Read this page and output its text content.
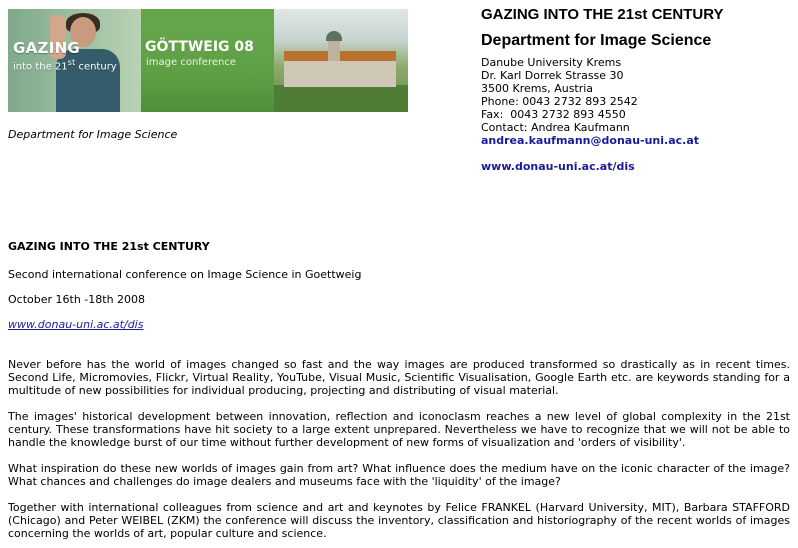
GAZING
into the 21st century
GÖTTWEIG 08
image conference
Department for Image Science
GAZING INTO THE 21st CENTURY
Department for Image Science
Danube University Krems
Dr. Karl Dorrek Strasse 30
3500 Krems, Austria
Phone: 0043 2732 893 2542
Fax:  0043 2732 893 4550
Contact: Andrea Kaufmann
andrea.kaufmann@donau-uni.ac.at
www.donau-uni.ac.at/dis
GAZING INTO THE 21st CENTURY

Second international conference on Image Science in Goettweig

October 16th -18th 2008

www.donau-uni.ac.at/dis

Never before has the world of images changed so fast and the way images are produced transformed so drastically as in recent times. Second Life, Micromovies, Flickr, Virtual Reality, YouTube, Visual Music, Scientific Visualisation, Google Earth etc. are keywords standing for a multitude of new possibilities for individual producing, projecting and distributing of visual material.

The images' historical development between innovation, reflection and iconoclasm reaches a new level of global complexity in the 21st century. These transformations have hit society to a large extent unprepared. Nevertheless we have to recognize that we will not be able to handle the knowledge burst of our time without further development of new forms of visualization and 'orders of visibility'.

What inspiration do these new worlds of images gain from art? What influence does the medium have on the iconic character of the image? What chances and challenges do image dealers and museums face with the 'liquidity' of the image?

Together with international colleagues from science and art and keynotes by Felice FRANKEL (Harvard University, MIT), Barbara STAFFORD (Chicago) and Peter WEIBEL (ZKM) the conference will discuss the inventory, classification and historiography of the recent worlds of images concerning the worlds of art, popular culture and science.
